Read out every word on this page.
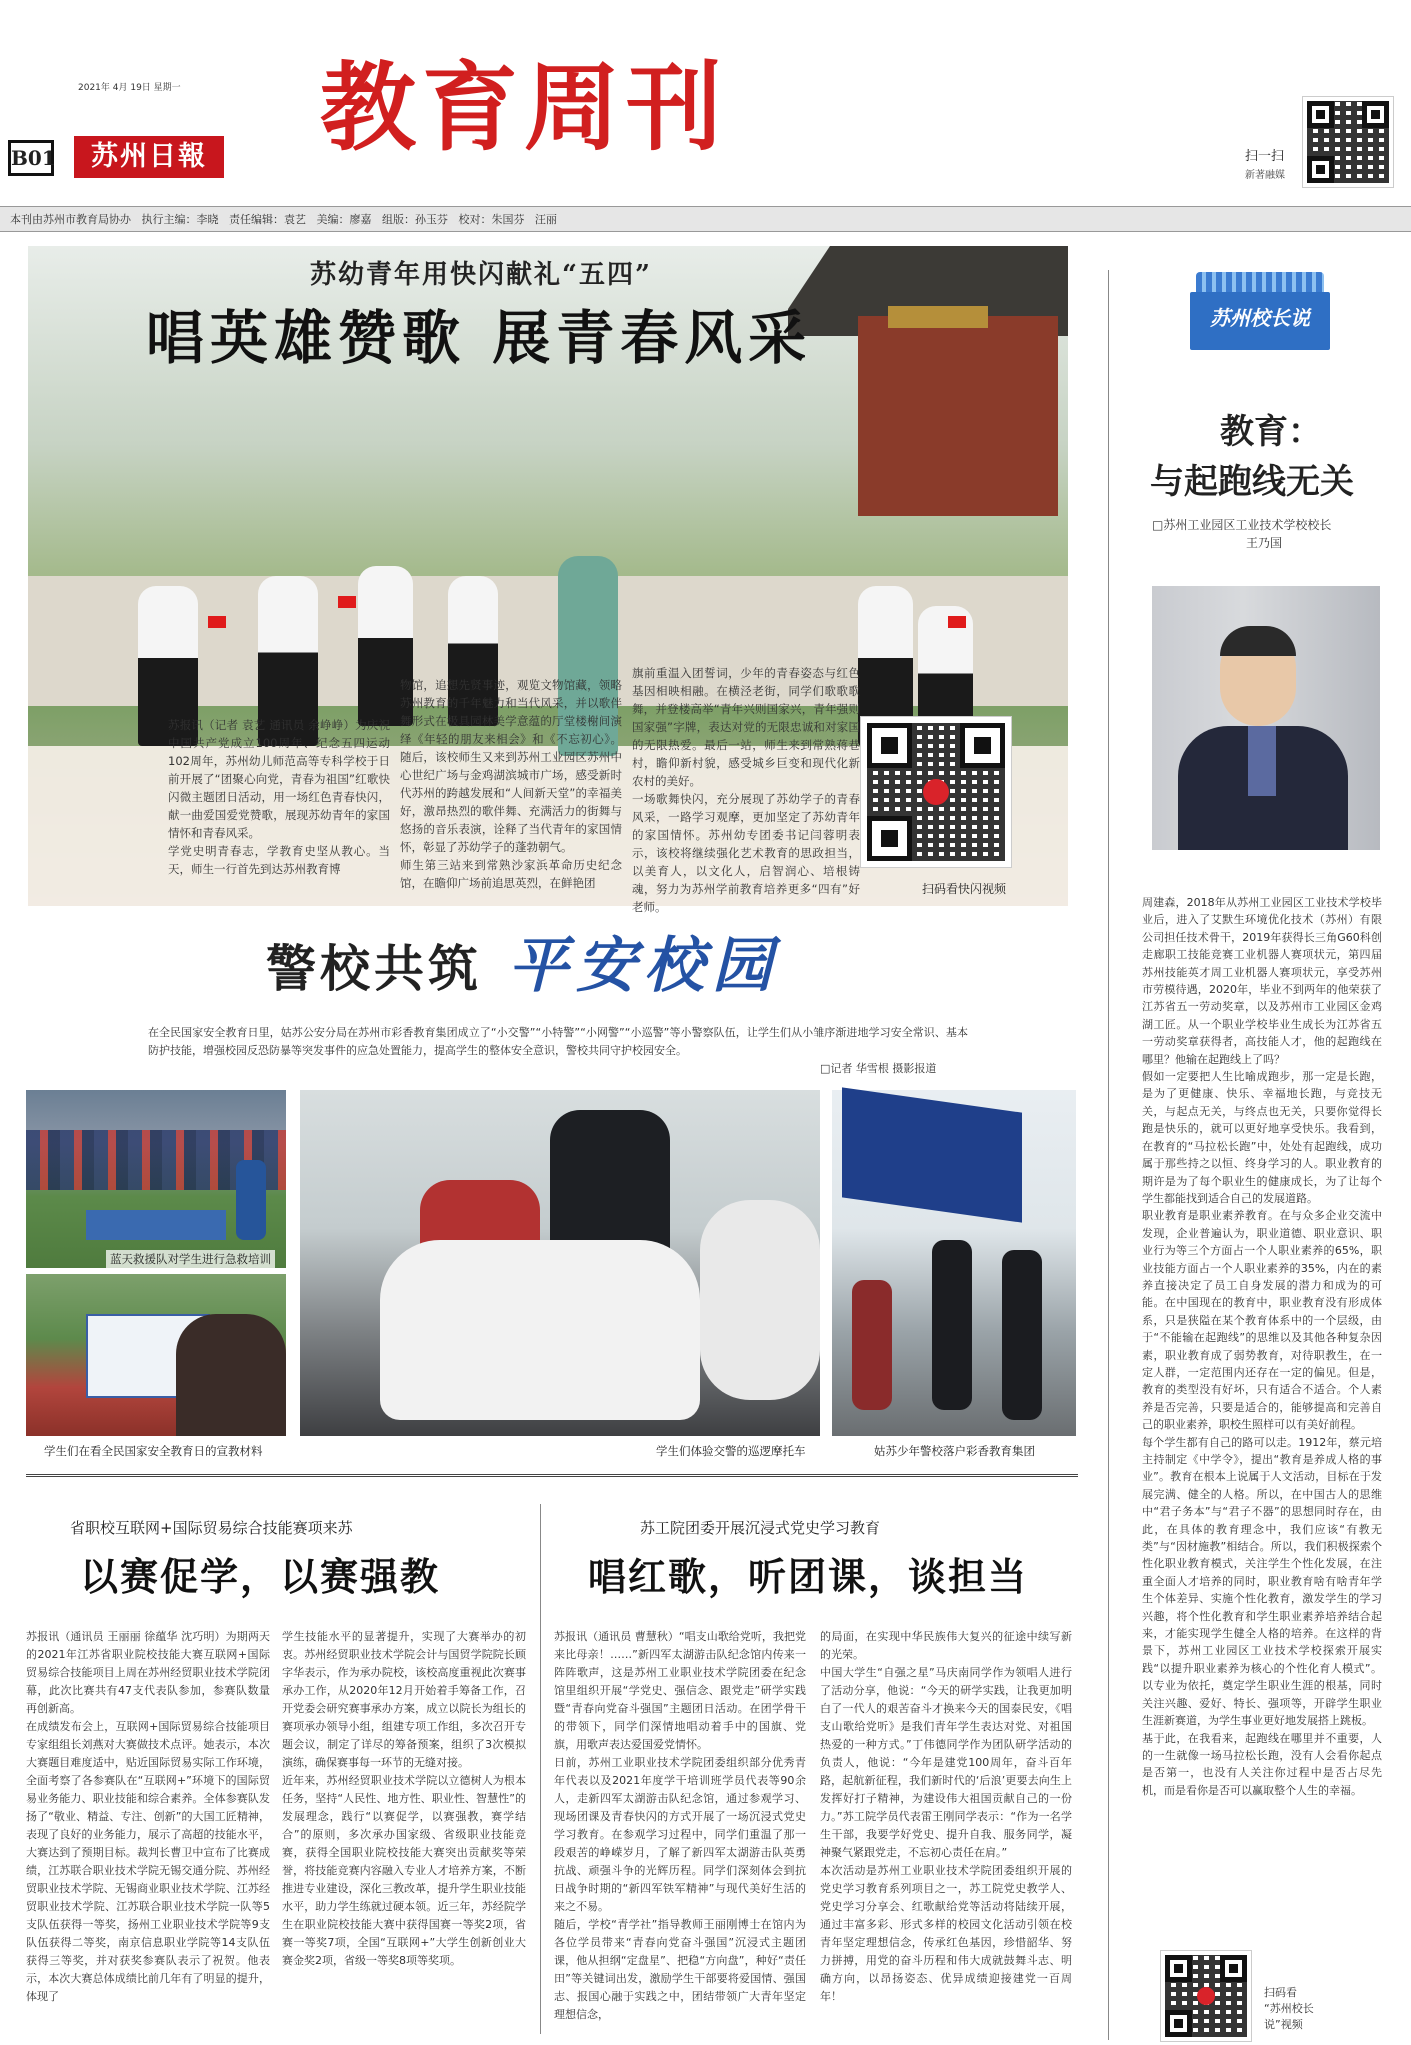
2021年 4月 19日 星期一
B01	苏州日報 教育周刊	扫一扫
新著融媒
本刊由苏州市教育局协办   执行主编：李晓   责任编辑：袁艺   美编：廖嘉   组版：孙玉芬   校对：朱国芬   汪丽
苏幼青年用快闪献礼“五四”
唱英雄赞歌 展青春风采
苏报讯（记者 袁艺 通讯员 余峥峥）为庆祝中国共产党成立100周年、纪念五四运动102周年，苏州幼儿师范高等专科学校于日前开展了“团聚心向党，青春为祖国”红歌快闪微主题团日活动，用一场红色青春快闪，献一曲爱国爱党赞歌，展现苏幼青年的家国情怀和青春风采。
学党史明青春志，学教育史坚从教心。当天，师生一行首先到达苏州教育博
物馆，追想先贤事迹，观览文物馆藏，领略苏州教育的千年魅力和当代风采，并以歌伴舞形式在极具园林美学意蕴的厅堂楼榭间演绎《年轻的朋友来相会》和《不忘初心》。随后，该校师生又来到苏州工业园区苏州中心世纪广场与金鸡湖滨城市广场，感受新时代苏州的跨越发展和“人间新天堂”的幸福美好，激昂热烈的歌伴舞、充满活力的街舞与悠扬的音乐表演，诠释了当代青年的家国情怀，彰显了苏幼学子的蓬勃朝气。
师生第三站来到常熟沙家浜革命历史纪念馆，在瞻仰广场前追思英烈，在鲜艳团
旗前重温入团誓词，少年的青春姿态与红色基因相映相融。在横泾老街，同学们歌歌歌舞，并登楼高举“青年兴则国家兴，青年强则国家强”字牌，表达对党的无限忠诚和对家国的无限热爱。最后一站，师生来到常熟蒋巷村，瞻仰新村貌，感受城乡巨变和现代化新农村的美好。
一场歌舞快闪，充分展现了苏幼学子的青春风采，一路学习观摩，更加坚定了苏幼青年的家国情怀。苏州幼专团委书记闫蓉明表示，该校将继续强化艺术教育的思政担当，以美育人，以文化人，启智润心、培根铸魂，努力为苏州学前教育培养更多“四有”好老师。
扫码看快闪视频
警校共筑 平安校园
在全民国家安全教育日里，姑苏公安分局在苏州市彩香教育集团成立了“小交警”“小特警”“小网警”“小巡警”等小警察队伍，让学生们从小雏序渐进地学习安全常识、基本防护技能，增强校园反恐防暴等突发事件的应急处置能力，提高学生的整体安全意识，警校共同守护校园安全。
□记者 华雪根 摄影报道
蓝天救援队对学生进行急救培训
学生们在看全民国家安全教育日的宣教材料	学生们体验交警的巡逻摩托车	姑苏少年警校落户彩香教育集团
省职校互联网+国际贸易综合技能赛项来苏
以赛促学，以赛强教
苏报讯（通讯员 王丽丽 徐蕴华 沈巧明）为期两天的2021年江苏省职业院校技能大赛互联网+国际贸易综合技能项目上周在苏州经贸职业技术学院闭幕，此次比赛共有47支代表队参加，参赛队数量再创新高。
在成绩发布会上，互联网+国际贸易综合技能项目专家组组长刘燕对大赛做技术点评。她表示，本次大赛题目难度适中，贴近国际贸易实际工作环境，全面考察了各参赛队在“互联网+”环境下的国际贸易业务能力、职业技能和综合素养。全体参赛队发扬了“敬业、精益、专注、创新”的大国工匠精神，表现了良好的业务能力，展示了高超的技能水平，大赛达到了预期目标。裁判长曹卫中宣布了比赛成绩，江苏联合职业技术学院无锡交通分院、苏州经贸职业技术学院、无锡商业职业技术学院、江苏经贸职业技术学院、江苏联合职业技术学院一队等5支队伍获得一等奖，扬州工业职业技术学院等9支队伍获得二等奖，南京信息职业学院等14支队伍获得三等奖，并对获奖参赛队表示了祝贺。他表示，本次大赛总体成绩比前几年有了明显的提升，体现了
学生技能水平的显著提升，实现了大赛举办的初衷。苏州经贸职业技术学院会计与国贸学院院长顾字华表示，作为承办院校，该校高度重视此次赛事承办工作，从2020年12月开始着手筹备工作，召开党委会研究赛事承办方案，成立以院长为组长的赛项承办领导小组，组建专项工作组，多次召开专题会议，制定了详尽的筹备预案，组织了3次模拟演练，确保赛事每一环节的无缝对接。
近年来，苏州经贸职业技术学院以立德树人为根本任务，坚持“人民性、地方性、职业性、智慧性”的发展理念，践行“以赛促学，以赛强教，赛学结合”的原则，多次承办国家级、省级职业技能竞赛，获得全国职业院校技能大赛突出贡献奖等荣誉，将技能竞赛内容融入专业人才培养方案，不断推进专业建设，深化三教改革，提升学生职业技能水平，助力学生练就过硬本领。近三年，苏经院学生在职业院校技能大赛中获得国赛一等奖2项，省赛一等奖7项，全国“互联网+”大学生创新创业大赛金奖2项，省级一等奖8项等奖项。
苏工院团委开展沉浸式党史学习教育
唱红歌，听团课，谈担当
苏报讯（通讯员 曹慧秋）“唱支山歌给党听，我把党来比母亲！……”新四军太湖游击队纪念馆内传来一阵阵歌声，这是苏州工业职业技术学院团委在纪念馆里组织开展“学党史、强信念、跟党走”研学实践暨“青春向党奋斗强国”主题团日活动。在团学骨干的带领下，同学们深情地唱动着手中的国旗、党旗，用歌声表达爱国爱党情怀。
日前，苏州工业职业技术学院团委组织部分优秀青年代表以及2021年度学干培训班学员代表等90余人，走新四军太湖游击队纪念馆，通过参观学习、现场团课及青春快闪的方式开展了一场沉浸式党史学习教育。在参观学习过程中，同学们重温了那一段艰苦的峥嵘岁月，了解了新四军太湖游击队英勇抗战、顽强斗争的光辉历程。同学们深刻体会到抗日战争时期的“新四军铁军精神”与现代美好生活的来之不易。
随后，学校“青学社”指导教师王丽刚博士在馆内为各位学员带来“青春向党奋斗强国”沉浸式主题团课，他从担纲“定盘星”、把稳“方向盘”，种好“责任田”等关键词出发，激励学生干部要将爱国情、强国志、报国心融于实践之中，团结带领广大青年坚定理想信念，
的局面，在实现中华民族伟大复兴的征途中续写新的光荣。
中国大学生“自强之星”马庆南同学作为领唱人进行了活动分享，他说：“今天的研学实践，让我更加明白了一代人的艰苦奋斗才换来今天的国泰民安，《唱支山歌给党听》是我们青年学生表达对党、对祖国热爱的一种方式。”丁伟德同学作为团队研学活动的负责人，他说：“今年是建党100周年，奋斗百年路，起航新征程，我们新时代的‘后浪’更要去向生上发挥好打子精神，为建设伟大祖国贡献自己的一份力。”苏工院学员代表雷王刚同学表示：“作为一名学生干部，我要学好党史、提升自我、服务同学，凝神聚气紧跟党走，不忘初心责任在肩。”
本次活动是苏州工业职业技术学院团委组织开展的党史学习教育系列项目之一，苏工院党史教学人、党史学习分享会、红歌献给党等活动将陆续开展，通过丰富多彩、形式多样的校园文化活动引领在校青年坚定理想信念，传承红色基因，珍惜韶华、努力拼搏，用党的奋斗历程和伟大成就鼓舞斗志、明确方向，以昂扬姿态、优异成绩迎接建党一百周年！
苏州校长说
教育：
与起跑线无关
□苏州工业园区工业技术学校校长
王乃国
周建森，2018年从苏州工业园区工业技术学校毕业后，进入了艾默生环境优化技术（苏州）有限公司担任技术骨干，2019年获得长三角G60科创走廊职工技能竞赛工业机器人赛项状元，第四届苏州技能英才周工业机器人赛项状元，享受苏州市劳模待遇，2020年，毕业不到两年的他荣获了江苏省五一劳动奖章，以及苏州市工业园区金鸡湖工匠。从一个职业学校毕业生成长为江苏省五一劳动奖章获得者，高技能人才，他的起跑线在哪里？他输在起跑线上了吗？
假如一定要把人生比喻成跑步，那一定是长跑，是为了更健康、快乐、幸福地长跑，与竞技无关，与起点无关，与终点也无关，只要你觉得长跑是快乐的，就可以更好地享受快乐。我看到，在教育的“马拉松长跑”中，处处有起跑线，成功属于那些持之以恒、终身学习的人。职业教育的期许是为了每个职业生的健康成长，为了让每个学生都能找到适合自己的发展道路。
职业教育是职业素养教育。在与众多企业交流中发现，企业普遍认为，职业道德、职业意识、职业行为等三个方面占一个人职业素养的65%，职业技能方面占一个人职业素养的35%，内在的素养直接决定了员工自身发展的潜力和成为的可能。在中国现在的教育中，职业教育没有形成体系，只是狭隘在某个教育体系中的一个层级，由于“不能输在起跑线”的思维以及其他各种复杂因素，职业教育成了弱势教育，对待职教生，在一定人群，一定范围内还存在一定的偏见。但是，教育的类型没有好坏，只有适合不适合。个人素养是否完善，只要是适合的，能够提高和完善自己的职业素养，职校生照样可以有美好前程。
每个学生都有自己的路可以走。1912年，蔡元培主持制定《中学令》，提出“教育是养成人格的事业”。教育在根本上说属于人文活动，目标在于发展完满、健全的人格。所以，在中国古人的思维中“君子务本”与“君子不器”的思想同时存在，由此，在具体的教育理念中，我们应该“有教无类”与“因材施教”相结合。所以，我们积极探索个性化职业教育模式，关注学生个性化发展，在注重全面人才培养的同时，职业教育啥有啥青年学生个体差异、实施个性化教育，激发学生的学习兴趣，将个性化教育和学生职业素养培养结合起来，才能实现学生健全人格的培养。在这样的背景下，苏州工业园区工业技术学校探索开展实践“以提升职业素养为核心的个性化育人模式”。以专业为依托，奠定学生职业生涯的根基，同时关注兴趣、爱好、特长、强项等，开辟学生职业生涯新赛道，为学生事业更好地发展搭上跳板。
基于此，在我看来，起跑线在哪里并不重要，人的一生就像一场马拉松长跑，没有人会看你起点是否第一，也没有人关注你过程中是否占尽先机，而是看你是否可以赢取整个人生的幸福。
扫码看
“苏州校长
说”视频
